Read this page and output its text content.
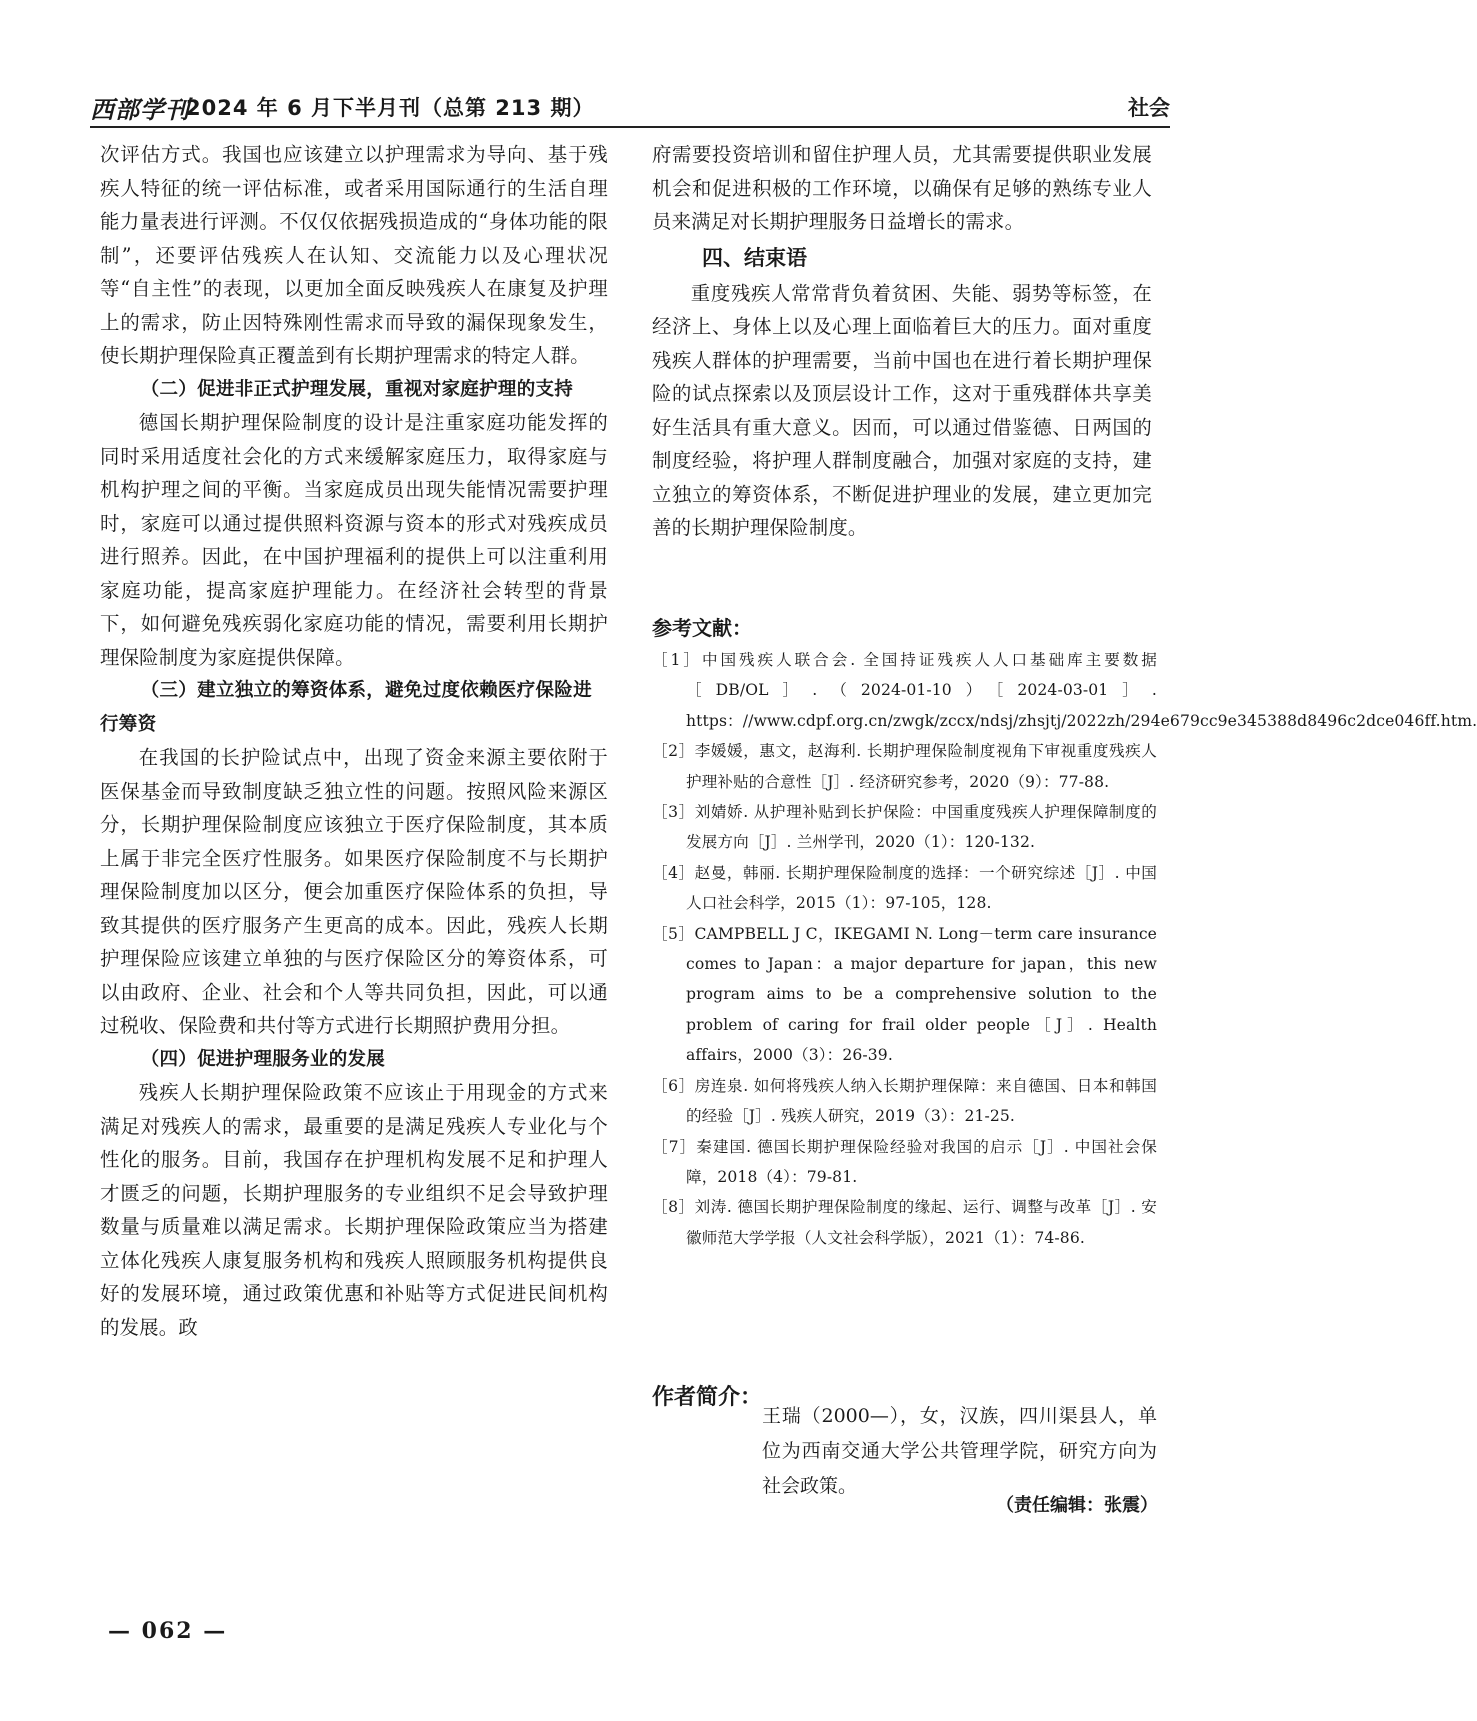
西部学刊
2024 年 6 月下半月刊（总第 213 期）	社会

次评估方式。我国也应该建立以护理需求为导向、基于残疾人特征的统一评估标准，或者采用国际通行的生活自理能力量表进行评测。不仅仅依据残损造成的“身体功能的限制”，还要评估残疾人在认知、交流能力以及心理状况等“自主性”的表现，以更加全面反映残疾人在康复及护理上的需求，防止因特殊刚性需求而导致的漏保现象发生，使长期护理保险真正覆盖到有长期护理需求的特定人群。

（二）促进非正式护理发展，重视对家庭护理的支持

德国长期护理保险制度的设计是注重家庭功能发挥的同时采用适度社会化的方式来缓解家庭压力，取得家庭与机构护理之间的平衡。当家庭成员出现失能情况需要护理时，家庭可以通过提供照料资源与资本的形式对残疾成员进行照养。因此，在中国护理福利的提供上可以注重利用家庭功能，提高家庭护理能力。在经济社会转型的背景下，如何避免残疾弱化家庭功能的情况，需要利用长期护理保险制度为家庭提供保障。

（三）建立独立的筹资体系，避免过度依赖医疗保险进行筹资

在我国的长护险试点中，出现了资金来源主要依附于医保基金而导致制度缺乏独立性的问题。按照风险来源区分，长期护理保险制度应该独立于医疗保险制度，其本质上属于非完全医疗性服务。如果医疗保险制度不与长期护理保险制度加以区分，便会加重医疗保险体系的负担，导致其提供的医疗服务产生更高的成本。因此，残疾人长期护理保险应该建立单独的与医疗保险区分的筹资体系，可以由政府、企业、社会和个人等共同负担，因此，可以通过税收、保险费和共付等方式进行长期照护费用分担。

（四）促进护理服务业的发展

残疾人长期护理保险政策不应该止于用现金的方式来满足对残疾人的需求，最重要的是满足残疾人专业化与个性化的服务。目前，我国存在护理机构发展不足和护理人才匮乏的问题，长期护理服务的专业组织不足会导致护理数量与质量难以满足需求。长期护理保险政策应当为搭建立体化残疾人康复服务机构和残疾人照顾服务机构提供良好的发展环境，通过政策优惠和补贴等方式促进民间机构的发展。政

府需要投资培训和留住护理人员，尤其需要提供职业发展机会和促进积极的工作环境，以确保有足够的熟练专业人员来满足对长期护理服务日益增长的需求。

四、结束语

重度残疾人常常背负着贫困、失能、弱势等标签，在经济上、身体上以及心理上面临着巨大的压力。面对重度残疾人群体的护理需要，当前中国也在进行着长期护理保险的试点探索以及顶层设计工作，这对于重残群体共享美好生活具有重大意义。因而，可以通过借鉴德、日两国的制度经验，将护理人群制度融合，加强对家庭的支持，建立独立的筹资体系，不断促进护理业的发展，建立更加完善的长期护理保险制度。

参考文献：

［1］中国残疾人联合会. 全国持证残疾人人口基础库主要数据［DB/OL］.（2024-01-10）［2024-03-01］. https：//www.cdpf.org.cn/zwgk/zccx/ndsj/zhsjtj/2022zh/294e679cc9e345388d8496c2dce046ff.htm.

［2］李媛媛，惠文，赵海利. 长期护理保险制度视角下审视重度残疾人护理补贴的合意性［J］. 经济研究参考，2020（9）：77-88.

［3］刘婧娇. 从护理补贴到长护保险：中国重度残疾人护理保障制度的发展方向［J］. 兰州学刊，2020（1）：120-132.

［4］赵曼，韩丽. 长期护理保险制度的选择：一个研究综述［J］. 中国人口社会科学，2015（1）：97-105，128.

［5］CAMPBELL J C，IKEGAMI N. Long－term care insurance comes to Japan：a major departure for japan，this new program aims to be a comprehensive solution to the problem of caring for frail older people［J］. Health affairs，2000（3）：26-39.

［6］房连泉. 如何将残疾人纳入长期护理保障：来自德国、日本和韩国的经验［J］. 残疾人研究，2019（3）：21-25.

［7］秦建国. 德国长期护理保险经验对我国的启示［J］. 中国社会保障，2018（4）：79-81.

［8］刘涛. 德国长期护理保险制度的缘起、运行、调整与改革［J］. 安徽师范大学学报（人文社会科学版），2021（1）：74-86.

作者简介：

王瑞（2000—），女，汉族，四川渠县人，单位为西南交通大学公共管理学院，研究方向为社会政策。

（责任编辑：张震）
— 062 —
